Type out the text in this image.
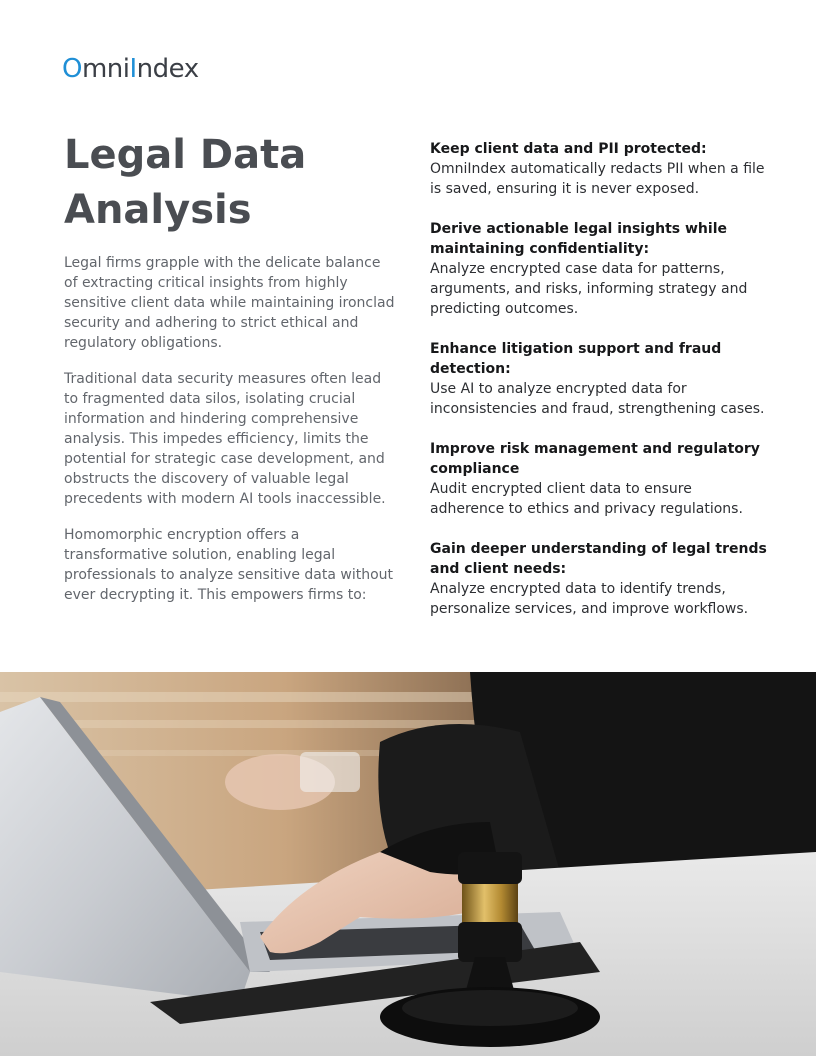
OmniIndex
Legal Data
Analysis

Legal firms grapple with the delicate balance of extracting critical insights from highly sensitive client data while maintaining ironclad security and adhering to strict ethical and regulatory obligations.

Traditional data security measures often lead to fragmented data silos, isolating crucial information and hindering comprehensive analysis. This impedes efficiency, limits the potential for strategic case development, and obstructs the discovery of valuable legal precedents with modern AI tools inaccessible.

Homomorphic encryption offers a transformative solution, enabling legal professionals to analyze sensitive data without ever decrypting it. This empowers firms to:

Keep client data and PII protected:
OmniIndex automatically redacts PII when a file is saved, ensuring it is never exposed.
Derive actionable legal insights while maintaining confidentiality:
Analyze encrypted case data for patterns, arguments, and risks, informing strategy and predicting outcomes.
Enhance litigation support and fraud detection:
Use AI to analyze encrypted data for inconsistencies and fraud, strengthening cases.
Improve risk management and regulatory compliance
Audit encrypted client data to ensure adherence to ethics and privacy regulations.
Gain deeper understanding of legal trends and client needs:
Analyze encrypted data to identify trends, personalize services, and improve workflows.
